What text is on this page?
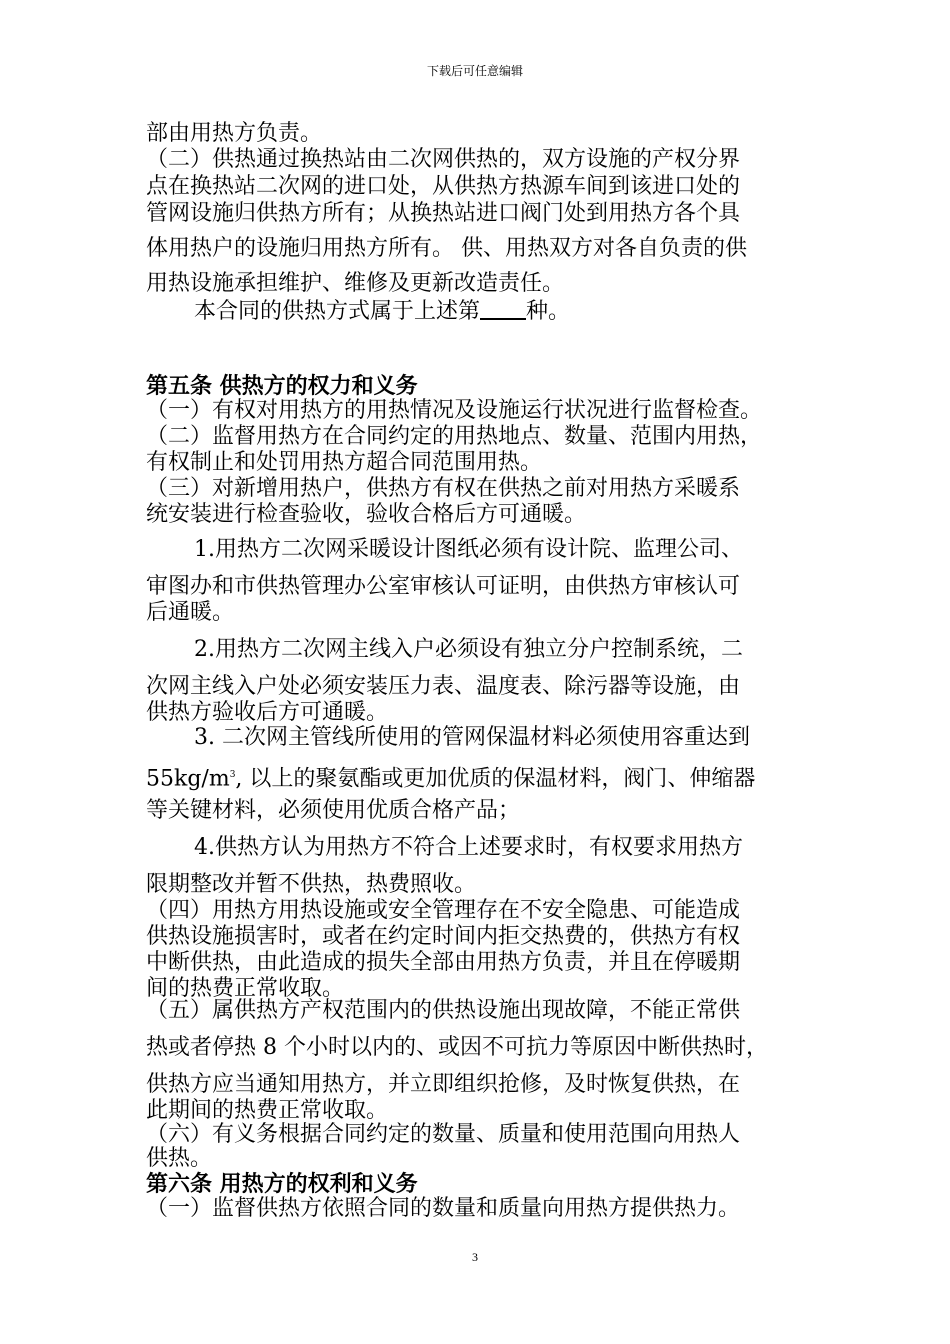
下载后可任意编辑
部由用热方负责。
（二）供热通过换热站由二次网供热的，双方设施的产权分界
点在换热站二次网的进口处，从供热方热源车间到该进口处的
管网设施归供热方所有；从换热站进口阀门处到用热方各个具
体用热户的设施归用热方所有。 供、用热双方对各自负责的供
用热设施承担维护、维修及更新改造责任。
本合同的供热方式属于上述第 种。
第五条 供热方的权力和义务
（一）有权对用热方的用热情况及设施运行状况进行监督检查。
（二）监督用热方在合同约定的用热地点、数量、范围内用热，
有权制止和处罚用热方超合同范围用热。
（三）对新增用热户，供热方有权在供热之前对用热方采暖系
统安装进行检查验收，验收合格后方可通暖。
1.用热方二次网采暖设计图纸必须有设计院、监理公司、
审图办和市供热管理办公室审核认可证明，由供热方审核认可
后通暖。
2.用热方二次网主线入户必须设有独立分户控制系统，二
次网主线入户处必须安装压力表、温度表、除污器等设施，由
供热方验收后方可通暖。
3. 二次网主管线所使用的管网保温材料必须使用容重达到
$55kg/m^3$, 以上的聚氨酯或更加优质的保温材料，阀门、伸缩器
等关键材料，必须使用优质合格产品；
4.供热方认为用热方不符合上述要求时，有权要求用热方
限期整改并暂不供热，热费照收。
（四）用热方用热设施或安全管理存在不安全隐患、可能造成
供热设施损害时，或者在约定时间内拒交热费的，供热方有权
中断供热，由此造成的损失全部由用热方负责，并且在停暖期
间的热费正常收取。
（五）属供热方产权范围内的供热设施出现故障，不能正常供
热或者停热 8 个小时以内的、或因不可抗力等原因中断供热时，
供热方应当通知用热方，并立即组织抢修，及时恢复供热，在
此期间的热费正常收取。
（六）有义务根据合同约定的数量、质量和使用范围向用热人
供热。
第六条 用热方的权利和义务
（一）监督供热方依照合同的数量和质量向用热方提供热力。
3
